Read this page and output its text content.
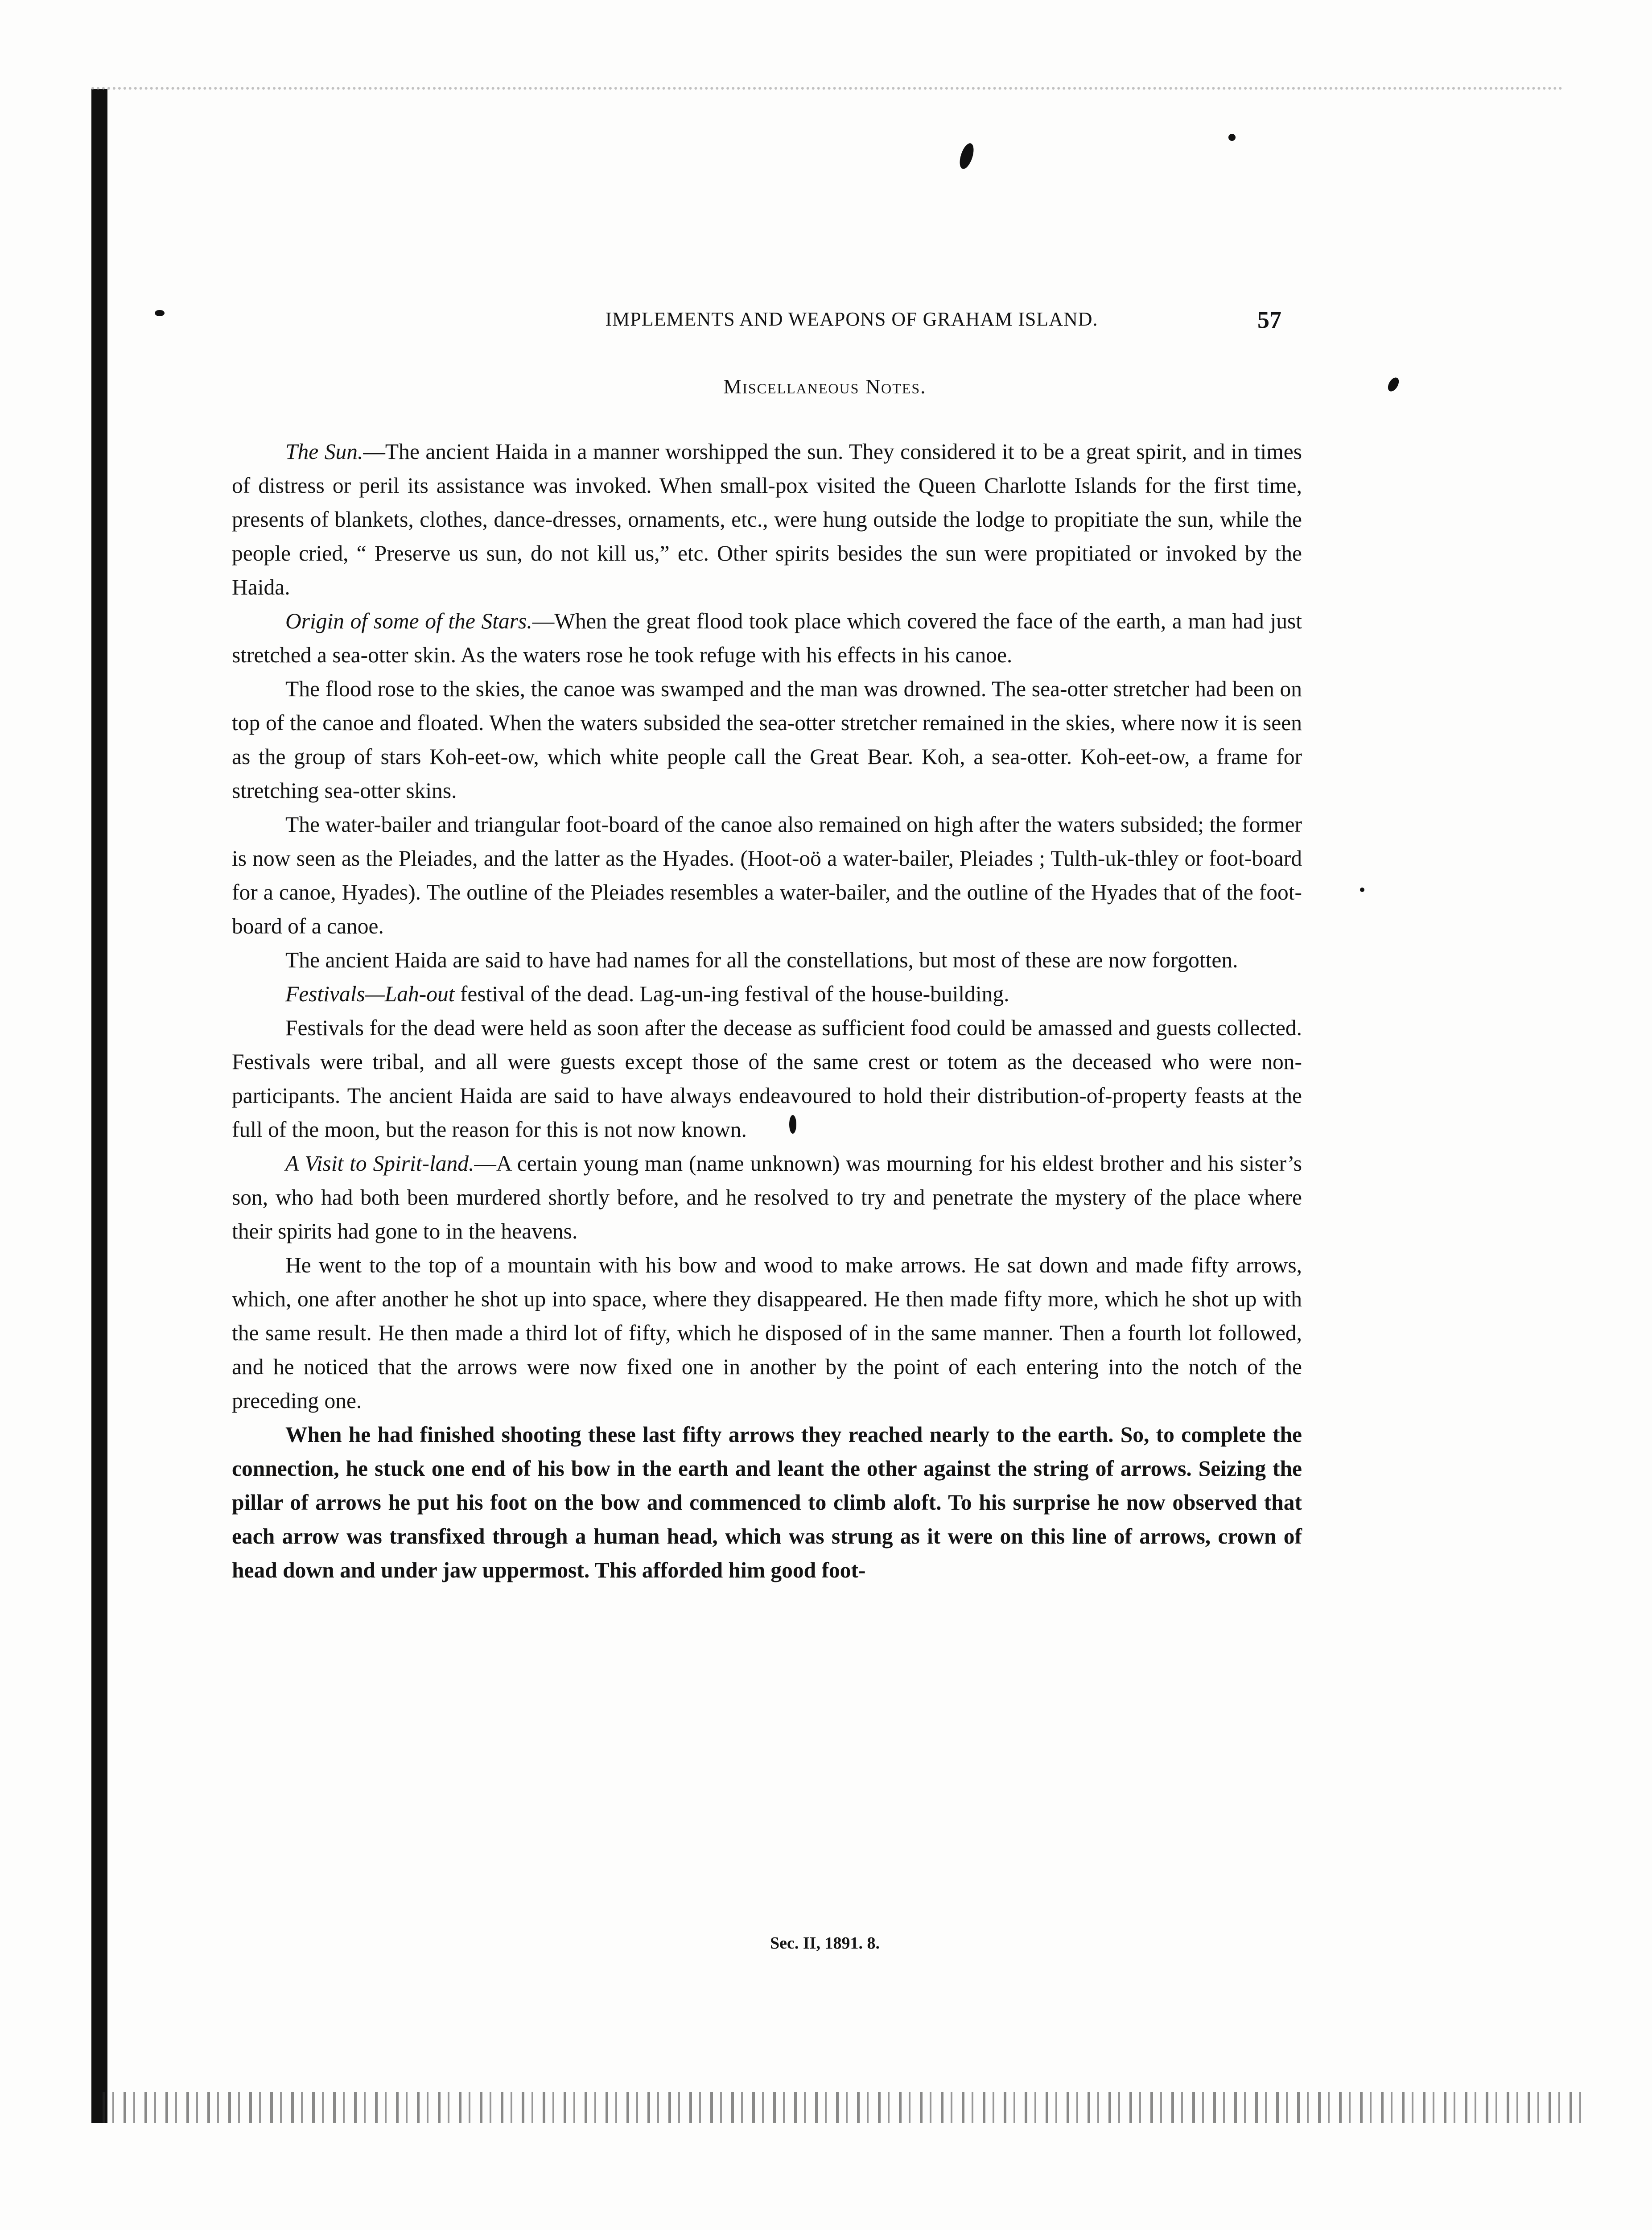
IMPLEMENTS AND WEAPONS OF GRAHAM ISLAND.	57
Miscellaneous Notes.

The Sun.—The ancient Haida in a manner worshipped the sun. They considered it to be a great spirit, and in times of distress or peril its assistance was invoked. When small-pox visited the Queen Charlotte Islands for the first time, presents of blankets, clothes, dance-dresses, ornaments, etc., were hung outside the lodge to propitiate the sun, while the people cried, “ Preserve us sun, do not kill us,” etc. Other spirits besides the sun were propitiated or invoked by the Haida.

Origin of some of the Stars.—When the great flood took place which covered the face of the earth, a man had just stretched a sea-otter skin. As the waters rose he took refuge with his effects in his canoe.

The flood rose to the skies, the canoe was swamped and the man was drowned. The sea-otter stretcher had been on top of the canoe and floated. When the waters subsided the sea-otter stretcher remained in the skies, where now it is seen as the group of stars Koh-eet-ow, which white people call the Great Bear. Koh, a sea-otter. Koh-eet-ow, a frame for stretching sea-otter skins.

The water-bailer and triangular foot-board of the canoe also remained on high after the waters subsided; the former is now seen as the Pleiades, and the latter as the Hyades. (Hoot-oö a water-bailer, Pleiades ; Tulth-uk-thley or foot-board for a canoe, Hyades). The outline of the Pleiades resembles a water-bailer, and the outline of the Hyades that of the foot-board of a canoe.

The ancient Haida are said to have had names for all the constellations, but most of these are now forgotten.

Festivals—Lah-out festival of the dead. Lag-un-ing festival of the house-building.

Festivals for the dead were held as soon after the decease as sufficient food could be amassed and guests collected. Festivals were tribal, and all were guests except those of the same crest or totem as the deceased who were non-participants. The ancient Haida are said to have always endeavoured to hold their distribution-of-property feasts at the full of the moon, but the reason for this is not now known.

A Visit to Spirit-land.—A certain young man (name unknown) was mourning for his eldest brother and his sister’s son, who had both been murdered shortly before, and he resolved to try and penetrate the mystery of the place where their spirits had gone to in the heavens.

He went to the top of a mountain with his bow and wood to make arrows. He sat down and made fifty arrows, which, one after another he shot up into space, where they disappeared. He then made fifty more, which he shot up with the same result. He then made a third lot of fifty, which he disposed of in the same manner. Then a fourth lot followed, and he noticed that the arrows were now fixed one in another by the point of each entering into the notch of the preceding one.

When he had finished shooting these last fifty arrows they reached nearly to the earth. So, to complete the connection, he stuck one end of his bow in the earth and leant the other against the string of arrows. Seizing the pillar of arrows he put his foot on the bow and commenced to climb aloft. To his surprise he now observed that each arrow was transfixed through a human head, which was strung as it were on this line of arrows, crown of head down and under jaw uppermost. This afforded him good foot-

Sec. II, 1891. 8.
